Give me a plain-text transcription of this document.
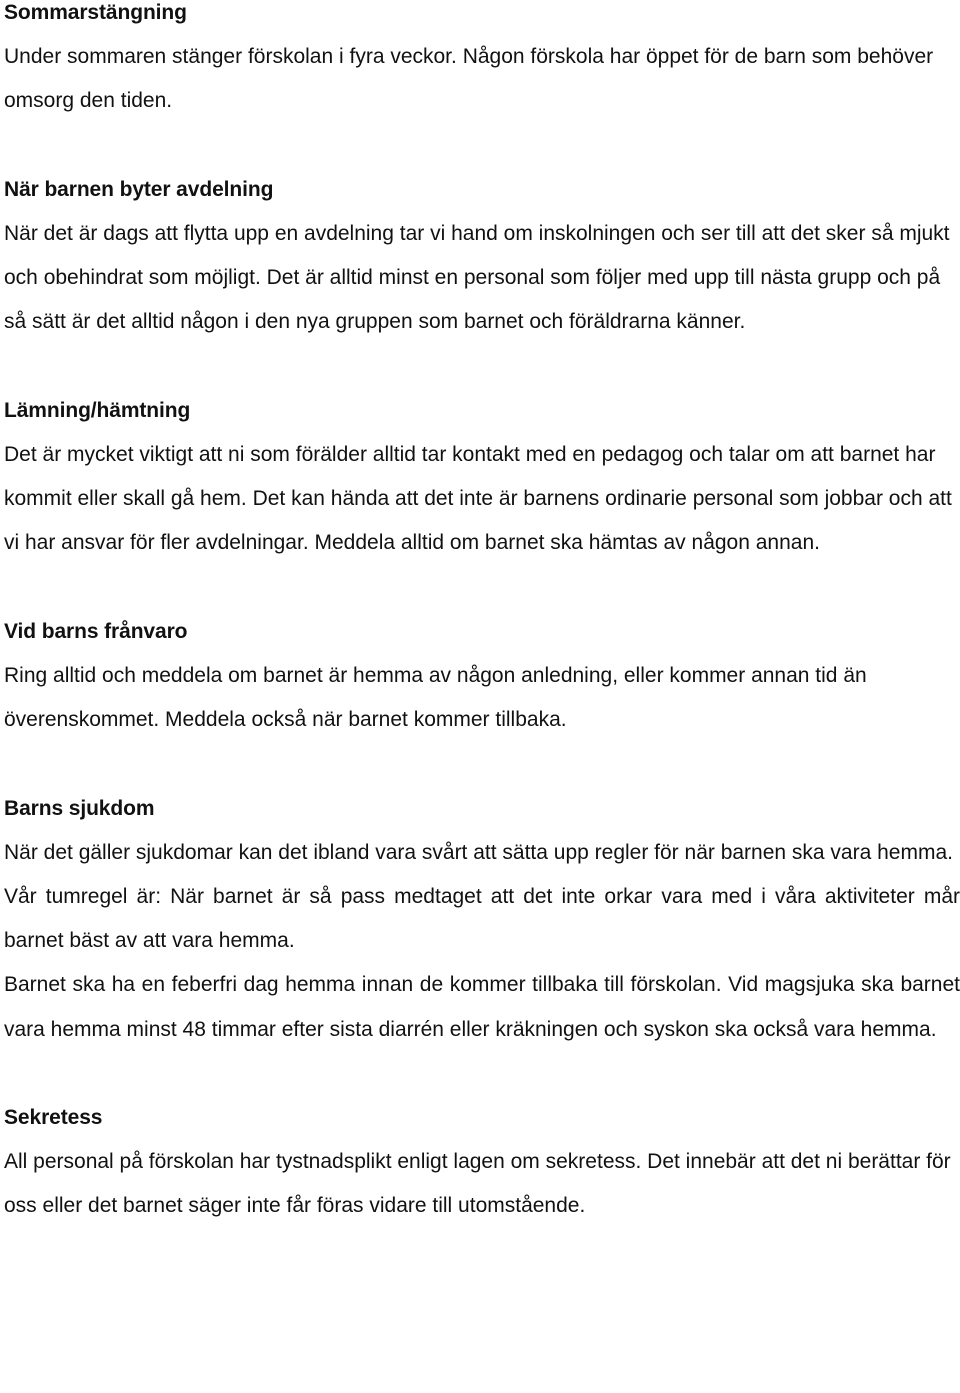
Sommarstängning

Under sommaren stänger förskolan i fyra veckor. Någon förskola har öppet för de barn som behöver omsorg den tiden.

När barnen byter avdelning

När det är dags att flytta upp en avdelning tar vi hand om inskolningen och ser till att det sker så mjukt och obehindrat som möjligt. Det är alltid minst en personal som följer med upp till nästa grupp och på så sätt är det alltid någon i den nya gruppen som barnet och föräldrarna känner.

Lämning/hämtning

Det är mycket viktigt att ni som förälder alltid tar kontakt med en pedagog och talar om att barnet har kommit eller skall gå hem. Det kan hända att det inte är barnens ordinarie personal som jobbar och att vi har ansvar för fler avdelningar. Meddela alltid om barnet ska hämtas av någon annan.

Vid barns frånvaro

Ring alltid och meddela om barnet är hemma av någon anledning, eller kommer annan tid än överenskommet. Meddela också när barnet kommer tillbaka.

Barns sjukdom

När det gäller sjukdomar kan det ibland vara svårt att sätta upp regler för när barnen ska vara hemma.

Vår tumregel är: När barnet är så pass medtaget att det inte orkar vara med i våra aktiviteter mår barnet bäst av att vara hemma.

Barnet ska ha en feberfri dag hemma innan de kommer tillbaka till förskolan. Vid magsjuka ska barnet vara hemma minst 48 timmar efter sista diarrén eller kräkningen och syskon ska också vara hemma.

Sekretess

All personal på förskolan har tystnadsplikt enligt lagen om sekretess. Det innebär att det ni berättar för oss eller det barnet säger inte får föras vidare till utomstående.
